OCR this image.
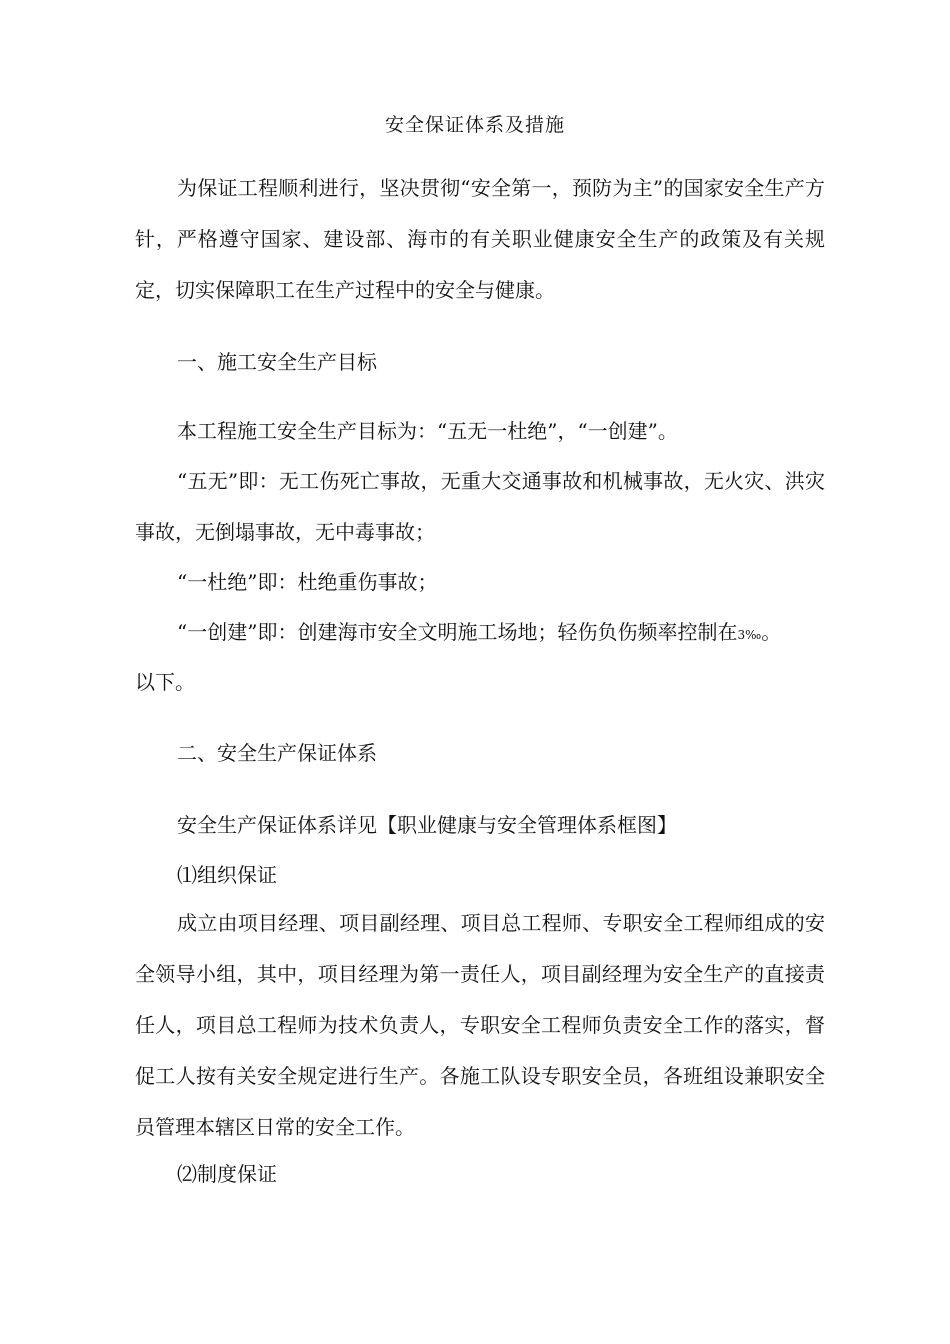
安全保证体系及措施
为保证工程顺利进行，坚决贯彻“安全第一，预防为主”的国家安全生产方针，严格遵守国家、建设部、海市的有关职业健康安全生产的政策及有关规定，切实保障职工在生产过程中的安全与健康。
一、施工安全生产目标
本工程施工安全生产目标为：“五无一杜绝”，“一创建”。
“五无”即：无工伤死亡事故，无重大交通事故和机械事故，无火灾、洪灾事故，无倒塌事故，无中毒事故；
“一杜绝”即：杜绝重伤事故；
“一创建”即：创建海市安全文明施工场地；轻伤负伤频率控制在3‰。
以下。
二、安全生产保证体系
安全生产保证体系详见【职业健康与安全管理体系框图】
⑴组织保证
成立由项目经理、项目副经理、项目总工程师、专职安全工程师组成的安全领导小组，其中，项目经理为第一责任人，项目副经理为安全生产的直接责任人，项目总工程师为技术负责人，专职安全工程师负责安全工作的落实，督促工人按有关安全规定进行生产。各施工队设专职安全员，各班组设兼职安全员管理本辖区日常的安全工作。
⑵制度保证
